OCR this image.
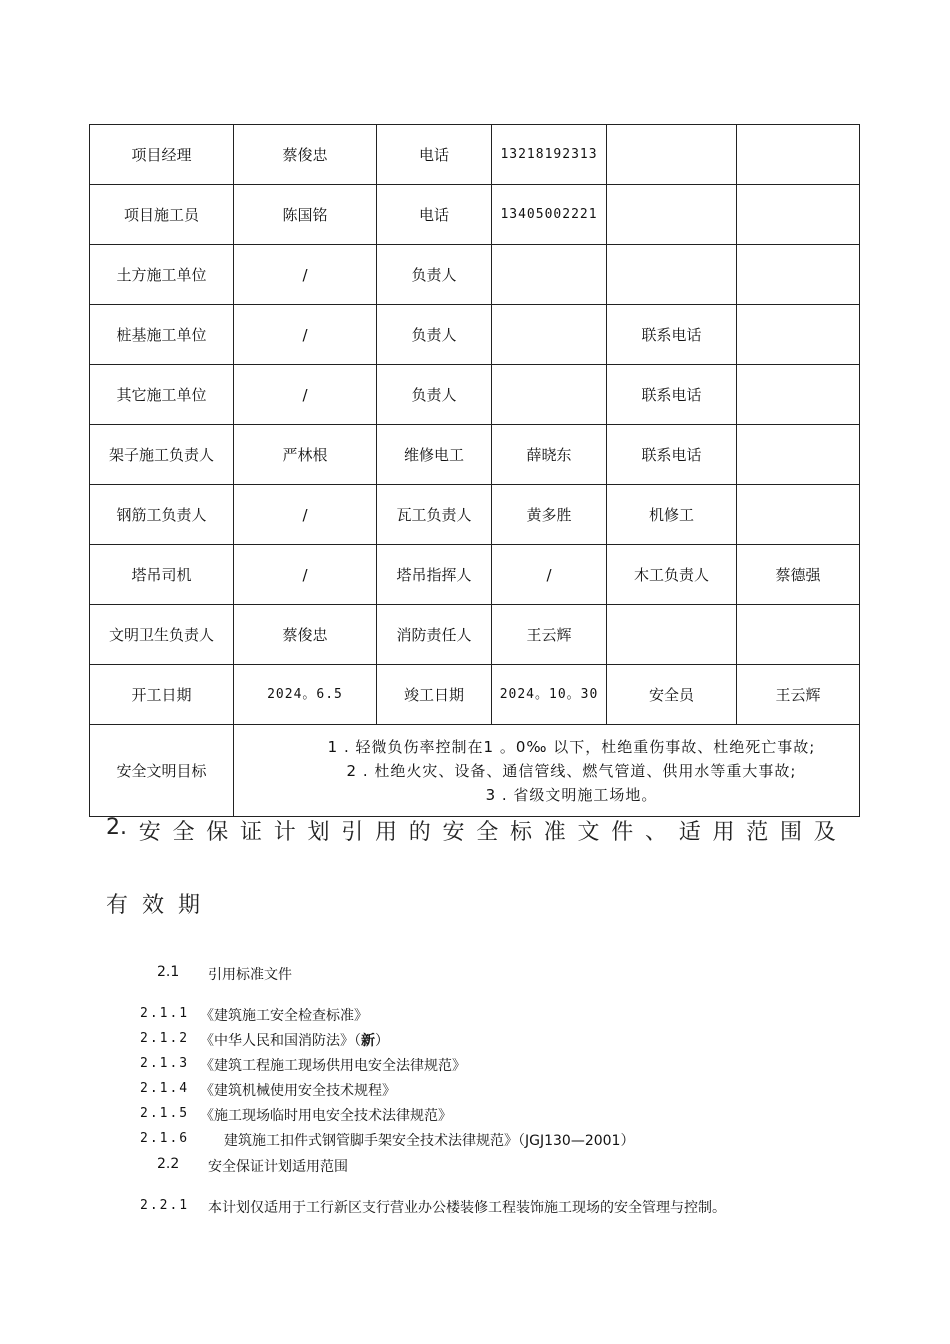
项目经理	蔡俊忠	电话	13218192313		
项目施工员	陈国铭	电话	13405002221		
土方施工单位	/	负责人			
桩基施工单位	/	负责人		联系电话	
其它施工单位	/	负责人		联系电话	
架子施工负责人	严林根	维修电工	薛晓东	联系电话	
钢筋工负责人	/	瓦工负责人	黄多胜	机修工	
塔吊司机	/	塔吊指挥人	/	木工负责人	蔡德强
文明卫生负责人	蔡俊忠	消防责任人	王云辉		
开工日期	2024。6.5	竣工日期	2024。10。30	安全员	王云辉
安全文明目标	1 . 轻微负伤率控制在1 。0‰ 以下，杜绝重伤事故、杜绝死亡事故;
2 . 杜绝火灾、设备、通信管线、燃气管道、供用水等重大事故;
3 . 省级文明施工场地。				
2. 安 全 保 证 计 划 引 用 的 安 全 标 准 文 件 、 适 用 范 围 及
有效期
2.1 引用标准文件
2.1.1 《建筑施工安全检查标准》
2.1.2 《中华人民和国消防法》（新）
2.1.3 《建筑工程施工现场供用电安全法律规范》
2.1.4 《建筑机械使用安全技术规程》
2.1.5 《施工现场临时用电安全技术法律规范》
2.1.6 建筑施工扣件式钢管脚手架安全技术法律规范》（JGJ130—2001）
2.2 安全保证计划适用范围
2.2.1 本计划仅适用于工行新区支行营业办公楼装修工程装饰施工现场的安全管理与控制。
